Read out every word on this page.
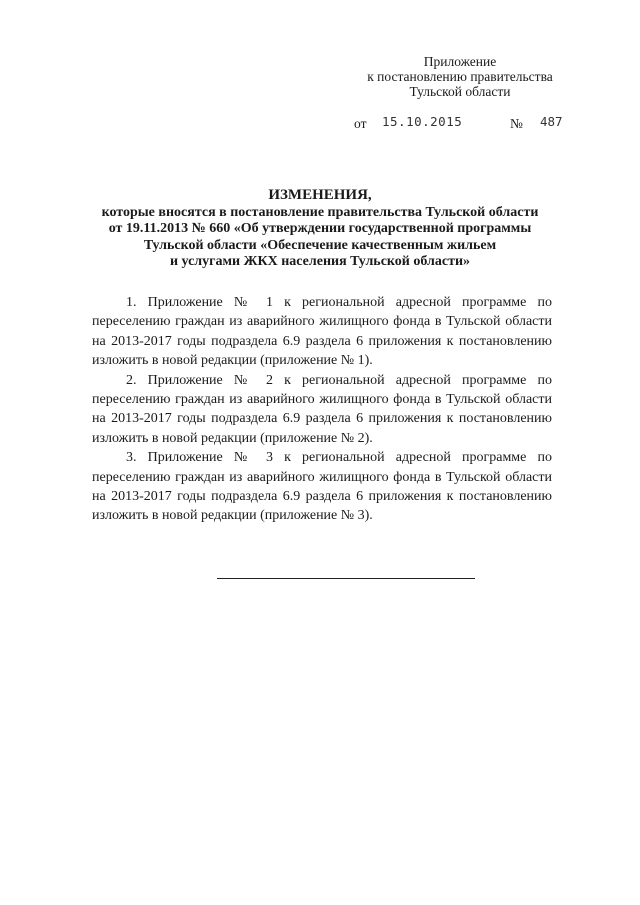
Приложение
к постановлению правительства
Тульской области
от 15.10.2015	№ 487
ИЗМЕНЕНИЯ,
которые вносятся в постановление правительства Тульской области
от 19.11.2013 № 660 «Об утверждении государственной программы
Тульской области «Обеспечение качественным жильем
и услугами ЖКХ населения Тульской области»

1. Приложение № 1 к региональной адресной программе по переселению граждан из аварийного жилищного фонда в Тульской области на 2013-2017 годы подраздела 6.9 раздела 6 приложения к постановлению изложить в новой редакции (приложение № 1).

2. Приложение № 2 к региональной адресной программе по переселению граждан из аварийного жилищного фонда в Тульской области на 2013-2017 годы подраздела 6.9 раздела 6 приложения к постановлению изложить в новой редакции (приложение № 2).

3. Приложение № 3 к региональной адресной программе по переселению граждан из аварийного жилищного фонда в Тульской области на 2013-2017 годы подраздела 6.9 раздела 6 приложения к постановлению изложить в новой редакции (приложение № 3).
